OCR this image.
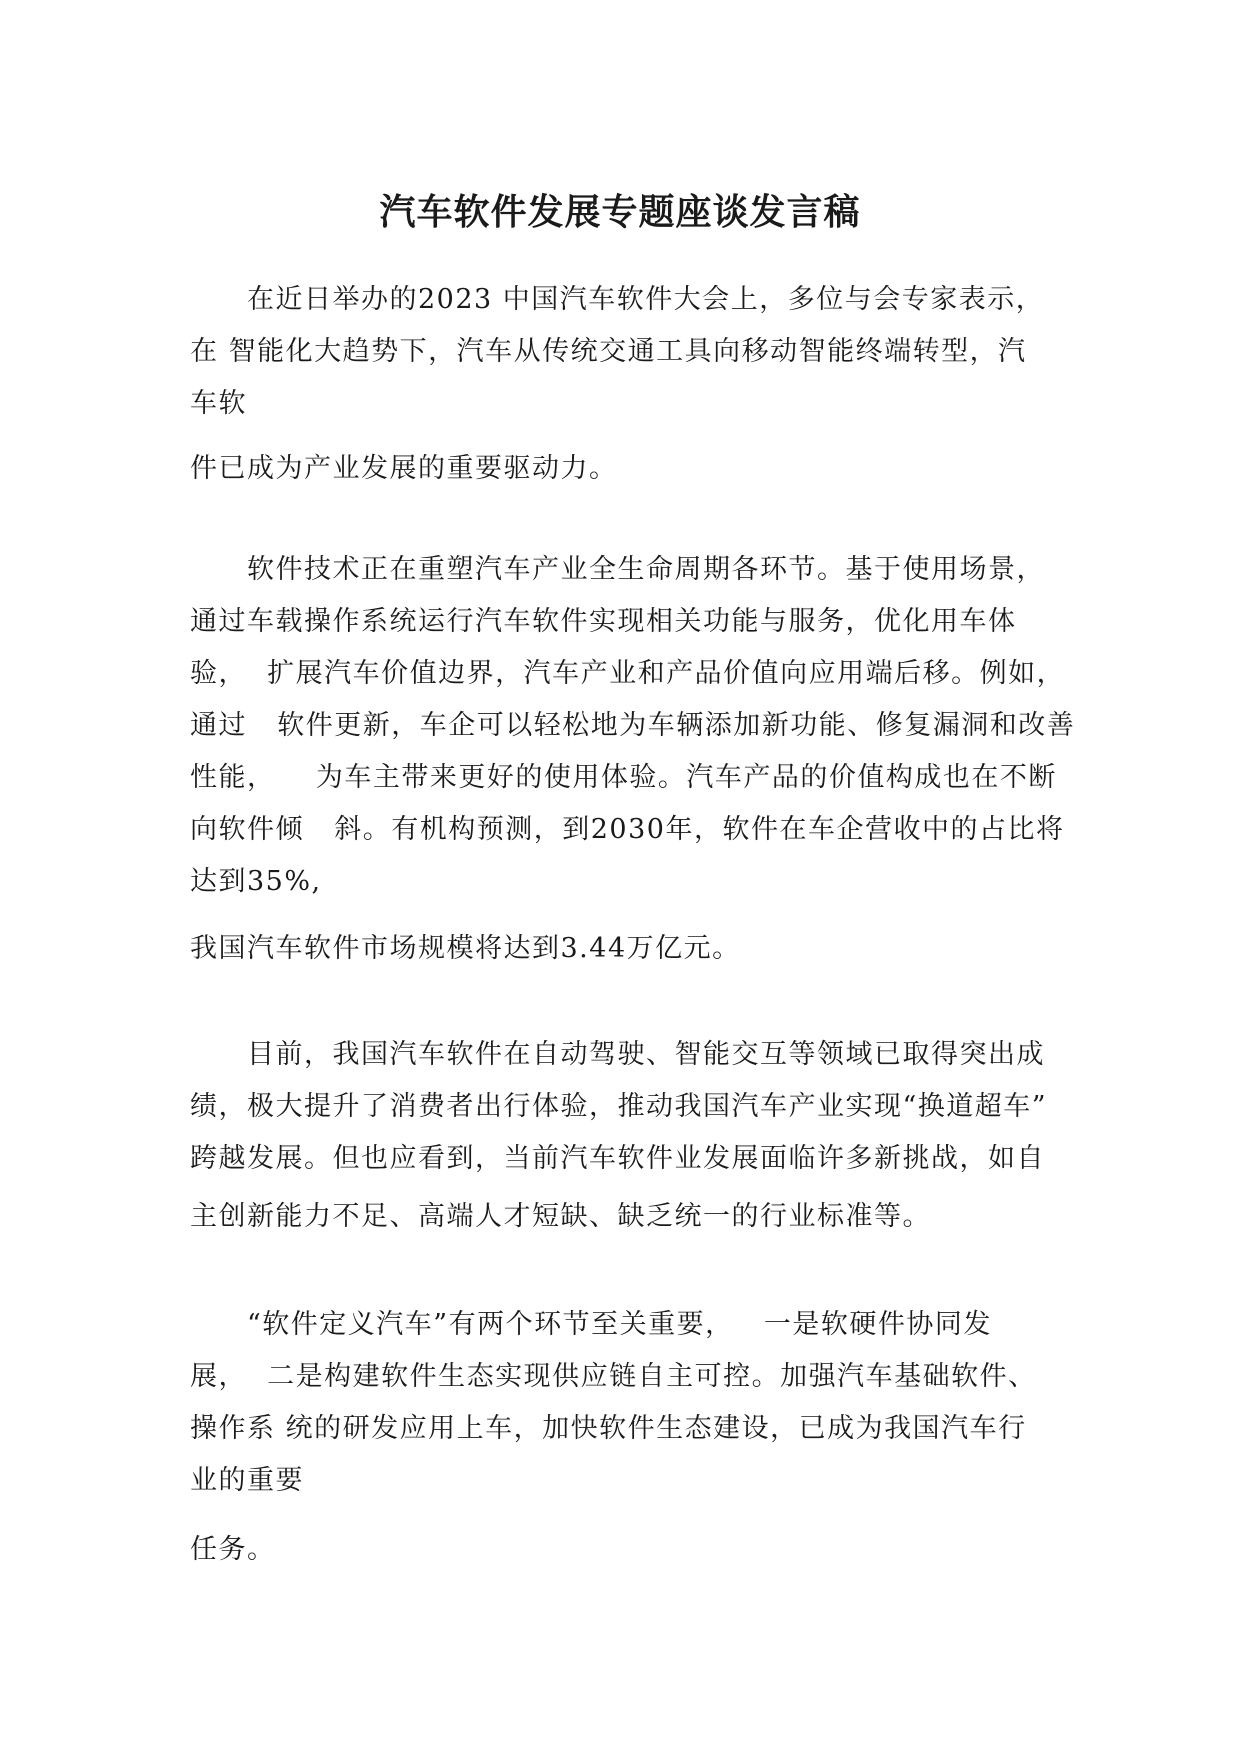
汽车软件发展专题座谈发言稿
　　在近日举办的2023 中国汽车软件大会上，多位与会专家表示，
在 智能化大趋势下，汽车从传统交通工具向移动智能终端转型，汽
车软
件已成为产业发展的重要驱动力。
　　软件技术正在重塑汽车产业全生命周期各环节。基于使用场景，
通过车载操作系统运行汽车软件实现相关功能与服务，优化用车体
验，  扩展汽车价值边界，汽车产业和产品价值向应用端后移。例如，
通过   软件更新，车企可以轻松地为车辆添加新功能、修复漏洞和改善
性能，    为车主带来更好的使用体验。汽车产品的价值构成也在不断
向软件倾   斜。有机构预测，到2030年，软件在车企营收中的占比将
达到35%,
我国汽车软件市场规模将达到3.44万亿元。
　　目前，我国汽车软件在自动驾驶、智能交互等领域已取得突出成
绩，极大提升了消费者出行体验，推动我国汽车产业实现“换道超车”
跨越发展。但也应看到，当前汽车软件业发展面临许多新挑战，如自
主创新能力不足、高端人才短缺、缺乏统一的行业标准等。
　　“软件定义汽车”有两个环节至关重要，   一是软硬件协同发
展，  二是构建软件生态实现供应链自主可控。加强汽车基础软件、
操作系 统的研发应用上车，加快软件生态建设，已成为我国汽车行
业的重要
任务。
